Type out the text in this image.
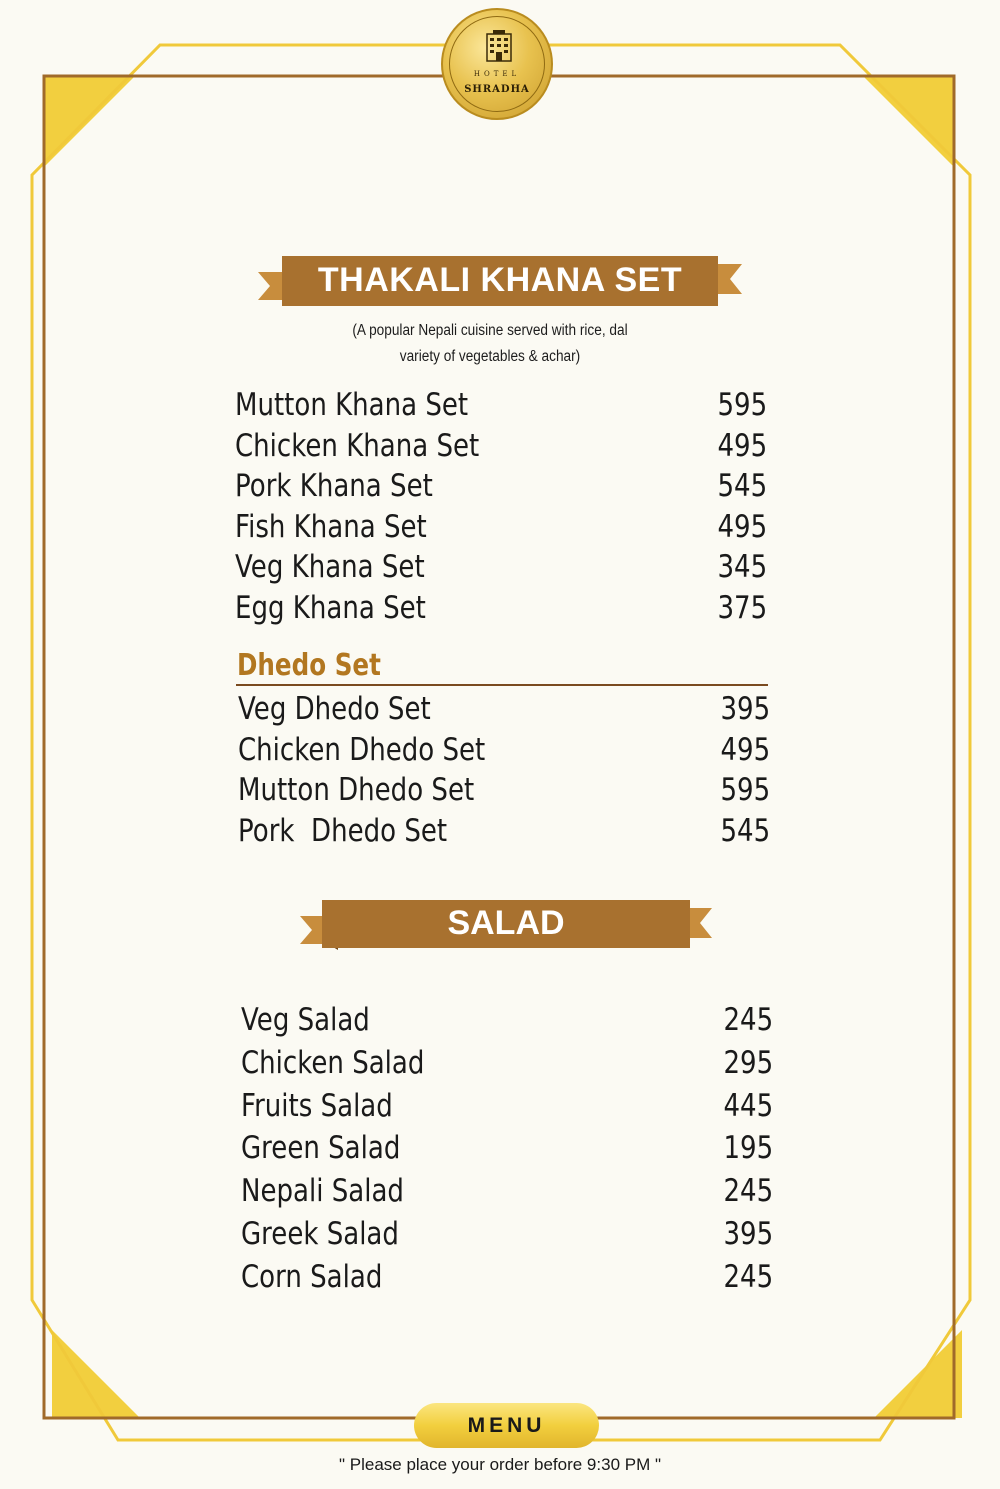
HOTEL
SHRADHA
THAKALI KHANA SET
(A popular Nepali cuisine served with rice, dal
variety of vegetables & achar)
Mutton Khana Set	595
Chicken Khana Set	495
Pork Khana Set	545
Fish Khana Set	495
Veg Khana Set	345
Egg Khana Set	375
Dhedo Set
Veg Dhedo Set	395
Chicken Dhedo Set	495
Mutton Dhedo Set	595
Pork  Dhedo Set	545
SALAD
Veg Salad	245
Chicken Salad	295
Fruits Salad	445
Green Salad	195
Nepali Salad	245
Greek Salad	395
Corn Salad	245
MENU
" Please place your order before 9:30 PM "
